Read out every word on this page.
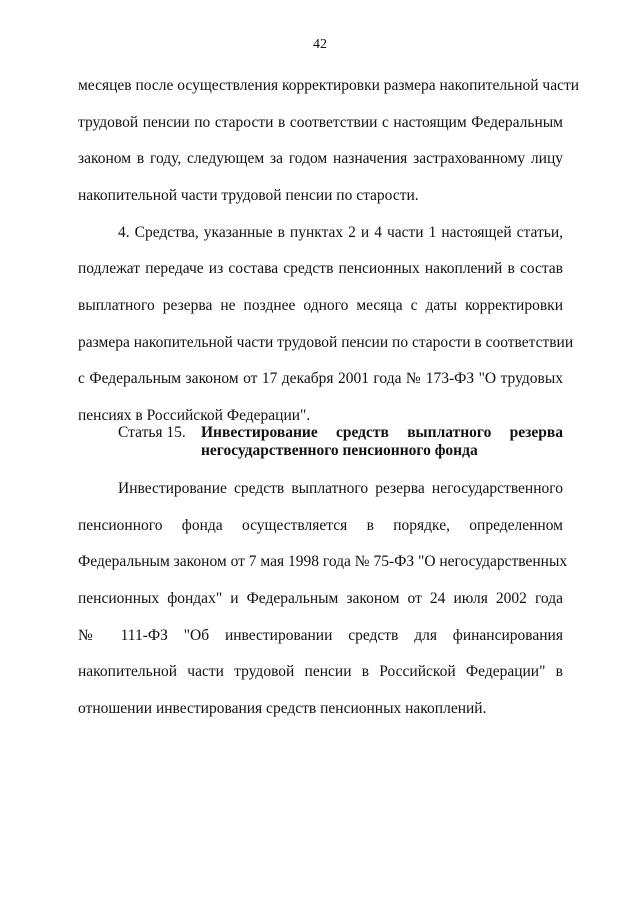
42
месяцев после осуществления корректировки размера накопительной части
трудовой пенсии по старости в соответствии с настоящим Федеральным
законом в году, следующем за годом назначения застрахованному лицу
накопительной части трудовой пенсии по старости.
4. Средства, указанные в пунктах 2 и 4 части 1 настоящей статьи,
подлежат передаче из состава средств пенсионных накоплений в состав
выплатного резерва не позднее одного месяца с даты корректировки
размера накопительной части трудовой пенсии по старости в соответствии
с Федеральным законом от 17 декабря 2001 года № 173-ФЗ "О трудовых
пенсиях в Российской Федерации".
Статья 15. Инвестирование средств выплатного резерва
негосударственного пенсионного фонда
Инвестирование средств выплатного резерва негосударственного
пенсионного фонда осуществляется в порядке, определенном
Федеральным законом от 7 мая 1998 года № 75-ФЗ "О негосударственных
пенсионных фондах" и Федеральным законом от 24 июля 2002 года
№ 111-ФЗ "Об инвестировании средств для финансирования
накопительной части трудовой пенсии в Российской Федерации" в
отношении инвестирования средств пенсионных накоплений.
